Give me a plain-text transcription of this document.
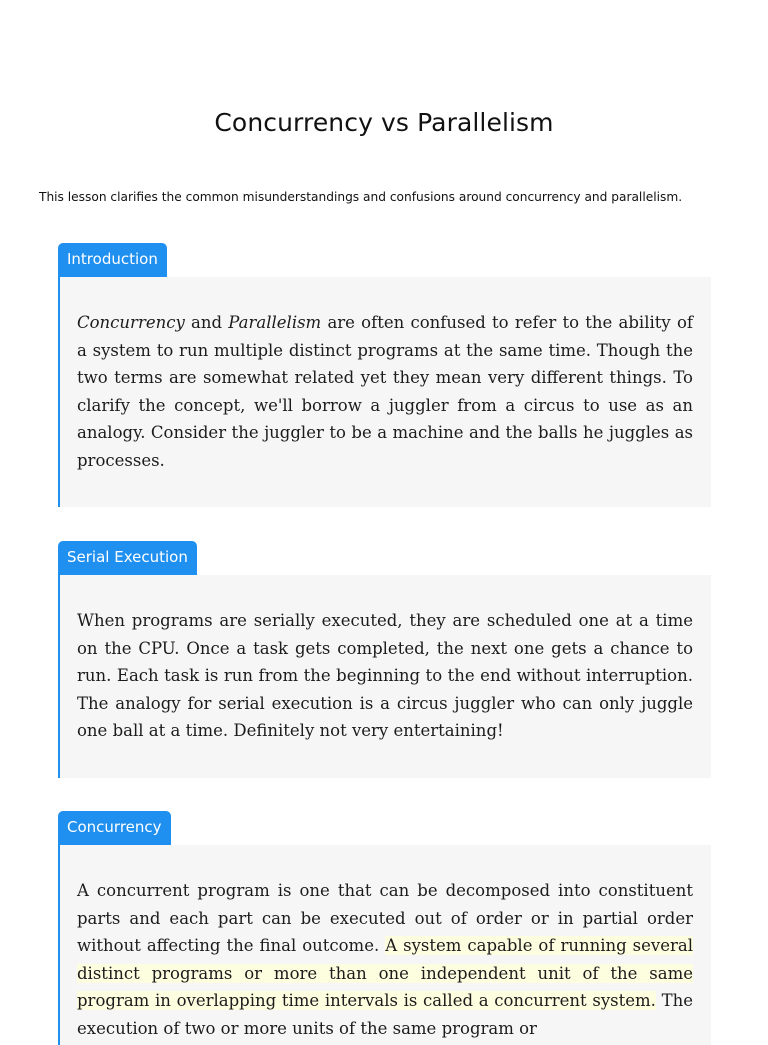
Concurrency vs Parallelism

This lesson clarifies the common misunderstandings and confusions around concurrency and parallelism.

Introduction

Concurrency and Parallelism are often confused to refer to the ability of a system to run multiple distinct programs at the same time. Though the two terms are somewhat related yet they mean very different things. To clarify the concept, we'll borrow a juggler from a circus to use as an analogy. Consider the juggler to be a machine and the balls he juggles as processes.

Serial Execution

When programs are serially executed, they are scheduled one at a time on the CPU. Once a task gets completed, the next one gets a chance to run. Each task is run from the beginning to the end without interruption. The analogy for serial execution is a circus juggler who can only juggle one ball at a time. Definitely not very entertaining!

Concurrency

A concurrent program is one that can be decomposed into constituent parts and each part can be executed out of order or in partial order without affecting the final outcome. A system capable of running several distinct programs or more than one independent unit of the same program in overlapping time intervals is called a concurrent system. The execution of two or more units of the same program or
